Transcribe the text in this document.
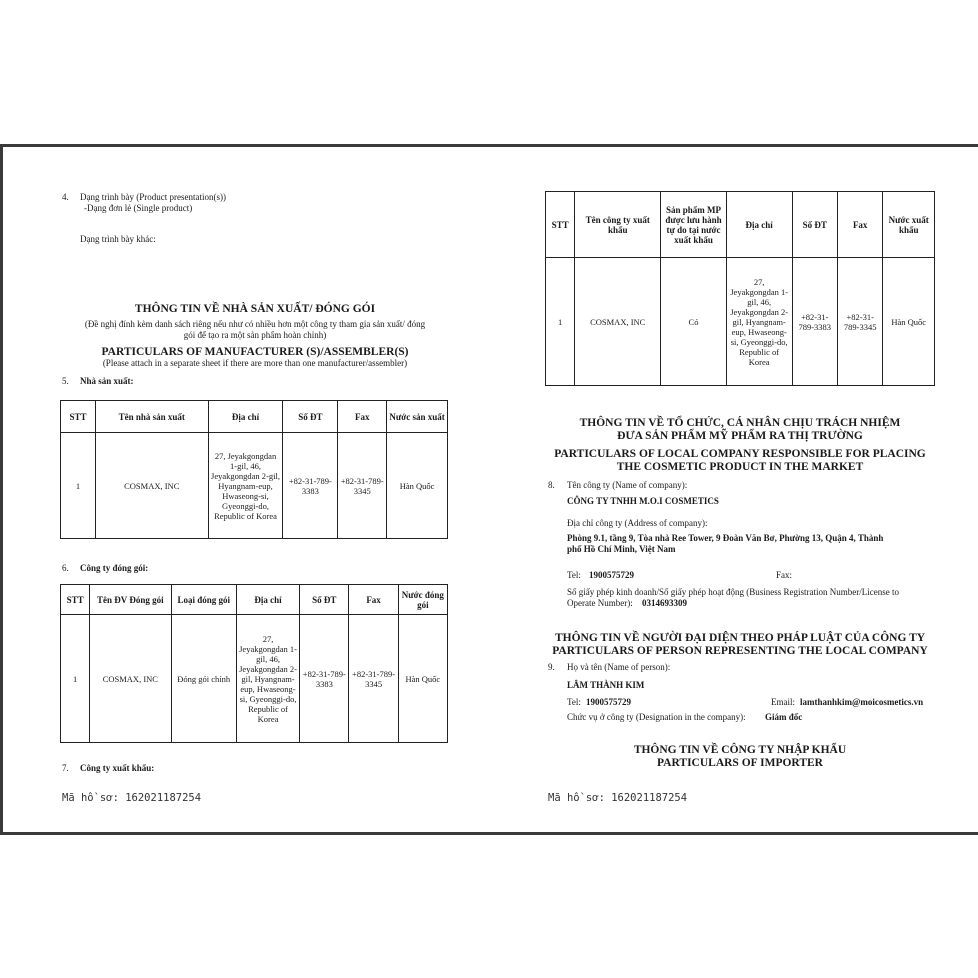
4. Dạng trình bày (Product presentation(s))
-Dạng đơn lẻ (Single product)
Dạng trình bày khác:
THÔNG TIN VỀ NHÀ SẢN XUẤT/ ĐÓNG GÓI
(Đề nghị đính kèm danh sách riêng nếu như có nhiều hơn một công ty tham gia sản xuất/ đóng
gói để tạo ra một sản phẩm hoàn chỉnh)
PARTICULARS OF MANUFACTURER (S)/ASSEMBLER(S)
(Please attach in a separate sheet if there are more than one manufacturer/assembler)
5. Nhà sản xuất:
STT	Tên nhà sản xuất	Địa chỉ	Số ĐT	Fax	Nước sản xuất
1	COSMAX, INC	27, Jeyakgongdan 1-gil, 46, Jeyakgongdan 2-gil, Hyangnam-eup, Hwaseong-si, Gyeonggi-do, Republic of Korea	+82-31-789-3383	+82-31-789-3345	Hàn Quốc
6. Công ty đóng gói:
STT	Tên ĐV Đóng gói	Loại đóng gói	Địa chỉ	Số ĐT	Fax	Nước đóng gói
1	COSMAX, INC	Đóng gói chính	27, Jeyakgongdan 1-gil, 46, Jeyakgongdan 2-gil, Hyangnam-eup, Hwaseong-si, Gyeonggi-do, Republic of Korea	+82-31-789-3383	+82-31-789-3345	Hàn Quốc
7. Công ty xuất khẩu:
Mã hồ sơ: 162021187254
STT	Tên công ty xuất khẩu	Sản phẩm MP được lưu hành tự do tại nước xuất khẩu	Địa chỉ	Số ĐT	Fax	Nước xuất khẩu
1	COSMAX, INC	Có	27, Jeyakgongdan 1-gil, 46, Jeyakgongdan 2-gil, Hyangnam-eup, Hwaseong-si, Gyeonggi-do, Republic of Korea	+82-31-789-3383	+82-31-789-3345	Hàn Quốc
THÔNG TIN VỀ TỔ CHỨC, CÁ NHÂN CHỊU TRÁCH NHIỆM
ĐƯA SẢN PHẨM MỸ PHẨM RA THỊ TRƯỜNG
PARTICULARS OF LOCAL COMPANY RESPONSIBLE FOR PLACING
THE COSMETIC PRODUCT IN THE MARKET
8. Tên công ty (Name of company):
CÔNG TY TNHH M.O.I COSMETICS
Địa chỉ công ty (Address of company):
Phòng 9.1, tầng 9, Tòa nhà Ree Tower, 9 Đoàn Văn Bơ, Phường 13, Quận 4, Thành
phố Hồ Chí Minh, Việt Nam
Tel: 1900575729	Fax:
Số giấy phép kinh doanh/Số giấy phép hoạt động (Business Registration Number/License to
Operate Number): 0314693309
THÔNG TIN VỀ NGƯỜI ĐẠI DIỆN THEO PHÁP LUẬT CỦA CÔNG TY
PARTICULARS OF PERSON REPRESENTING THE LOCAL COMPANY
9. Họ và tên (Name of person):
LÂM THÀNH KIM
Tel: 1900575729	Email: lamthanhkim@moicosmetics.vn
Chức vụ ở công ty (Designation in the company): Giám đốc
THÔNG TIN VỀ CÔNG TY NHẬP KHẨU
PARTICULARS OF IMPORTER
Mã hồ sơ: 162021187254
